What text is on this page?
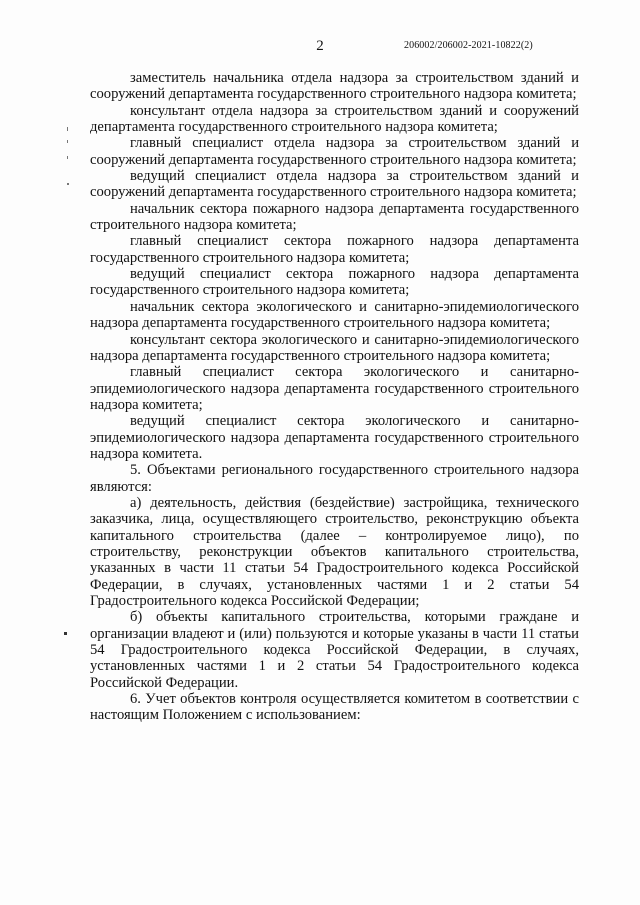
2	206002/206002-2021-10822(2)

заместитель начальника отдела надзора за строительством зданий и сооружений департамента государственного строительного надзора комитета;

консультант отдела надзора за строительством зданий и сооружений департамента государственного строительного надзора комитета;

главный специалист отдела надзора за строительством зданий и сооружений департамента государственного строительного надзора комитета;

ведущий специалист отдела надзора за строительством зданий и сооружений департамента государственного строительного надзора комитета;

начальник сектора пожарного надзора департамента государственного строительного надзора комитета;

главный специалист сектора пожарного надзора департамента государственного строительного надзора комитета;

ведущий специалист сектора пожарного надзора департамента государственного строительного надзора комитета;

начальник сектора экологического и санитарно-эпидемиологического надзора департамента государственного строительного надзора комитета;

консультант сектора экологического и санитарно-эпидемиологического надзора департамента государственного строительного надзора комитета;

главный специалист сектора экологического и санитарно-эпидемиологического надзора департамента государственного строительного надзора комитета;

ведущий специалист сектора экологического и санитарно-эпидемиологического надзора департамента государственного строительного надзора комитета.

5. Объектами регионального государственного строительного надзора являются:

а) деятельность, действия (бездействие) застройщика, технического заказчика, лица, осуществляющего строительство, реконструкцию объекта капитального строительства (далее – контролируемое лицо), по строительству, реконструкции объектов капитального строительства, указанных в части 11 статьи 54 Градостроительного кодекса Российской Федерации, в случаях, установленных частями 1 и 2 статьи 54 Градостроительного кодекса Российской Федерации;

б) объекты капитального строительства, которыми граждане и организации владеют и (или) пользуются и которые указаны в части 11 статьи 54 Градостроительного кодекса Российской Федерации, в случаях, установленных частями 1 и 2 статьи 54 Градостроительного кодекса Российской Федерации.

6. Учет объектов контроля осуществляется комитетом в соответствии с настоящим Положением с использованием:
